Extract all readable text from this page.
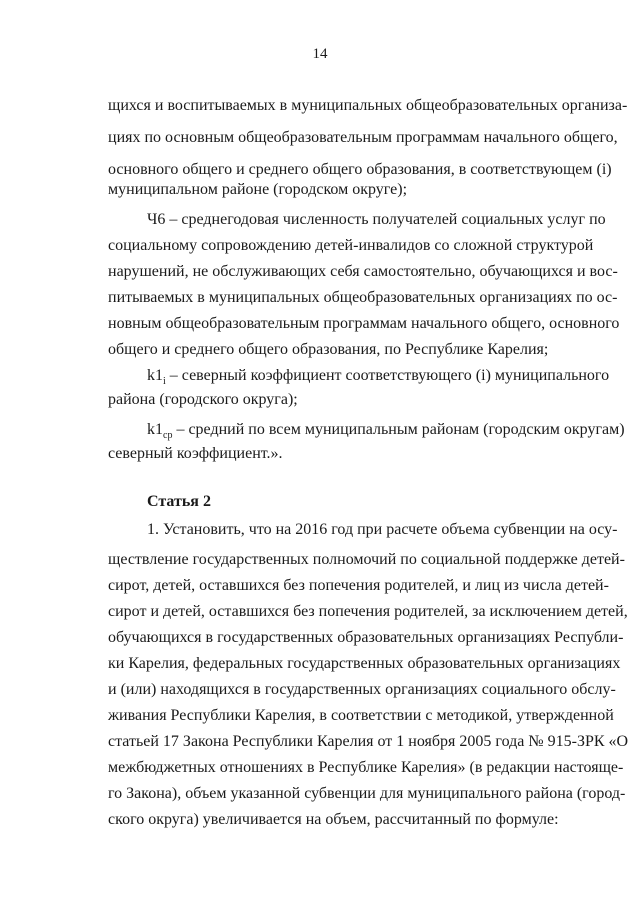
14
щихся и воспитываемых в муниципальных общеобразовательных организа-
циях по основным общеобразовательным программам начального общего,
основного общего и среднего общего образования, в соответствующем (i)
муниципальном районе (городском округе);
Ч6 – среднегодовая численность получателей социальных услуг по
социальному сопровождению детей-инвалидов со сложной структурой
нарушений, не обслуживающих себя самостоятельно, обучающихся и вос-
питываемых в муниципальных общеобразовательных организациях по ос-
новным общеобразовательным программам начального общего, основного
общего и среднего общего образования, по Республике Карелия;
$k1_i$ – северный коэффициент соответствующего (i) муниципального
района (городского округа);
$k1_{ср}$ – средний по всем муниципальным районам (городским округам)
северный коэффициент.».
Статья 2
1. Установить, что на 2016 год при расчете объема субвенции на осу-
ществление государственных полномочий по социальной поддержке детей-
сирот, детей, оставшихся без попечения родителей, и лиц из числа детей-
сирот и детей, оставшихся без попечения родителей, за исключением детей,
обучающихся в государственных образовательных организациях Республи-
ки Карелия, федеральных государственных образовательных организациях
и (или) находящихся в государственных организациях социального обслу-
живания Республики Карелия, в соответствии с методикой, утвержденной
статьей 17 Закона Республики Карелия от 1 ноября 2005 года № 915-ЗРК «О
межбюджетных отношениях в Республике Карелия» (в редакции настояще-
го Закона), объем указанной субвенции для муниципального района (город-
ского округа) увеличивается на объем, рассчитанный по формуле:
